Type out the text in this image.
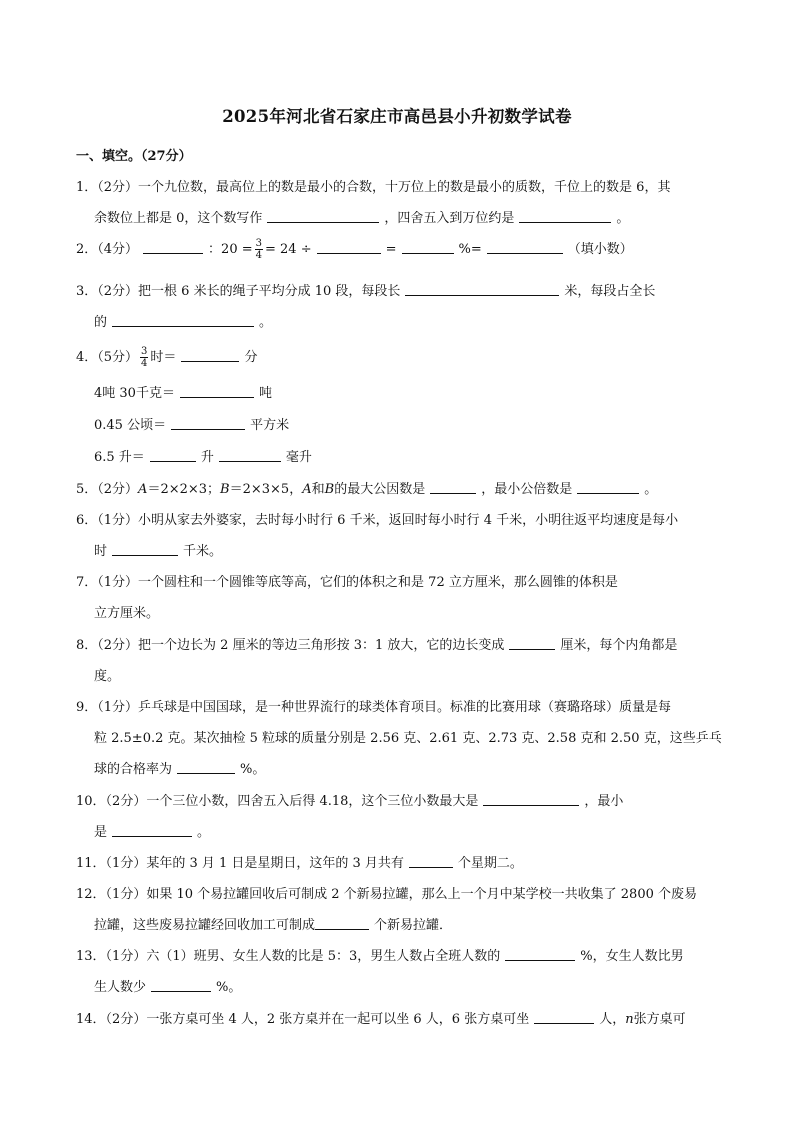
2025年河北省石家庄市高邑县小升初数学试卷
一、填空。（27分）
1．（2分）一个九位数，最高位上的数是最小的合数，十万位上的数是最小的质数，千位上的数是 6，其
余数位上都是 0，这个数写作	，四舍五入到万位约是	。
2．（4分）	：$20 = \frac{3}{4} = 24$ ÷	=	%=	（填小数）
3．（2分）把一根 6 米长的绳子平均分成 10 段，每段长	米，每段占全长
的	。
4．（5分） $\frac{3}{4}$ 时＝	分
4吨 30千克＝	吨
0.45 公顷＝	平方米
6.5 升＝	升	毫升
5．（2分）A＝2×2×3；B＝2×3×5，A和B的最大公因数是	，最小公倍数是	。
6．（1分）小明从家去外婆家，去时每小时行 6 千米，返回时每小时行 4 千米，小明往返平均速度是每小
时	千米。
7．（1分）一个圆柱和一个圆锥等底等高，它们的体积之和是 72 立方厘米，那么圆锥的体积是
立方厘米。
8．（2分）把一个边长为 2 厘米的等边三角形按 3：1 放大，它的边长变成	厘米，每个内角都是
度。
9．（1分）乒乓球是中国国球，是一种世界流行的球类体育项目。标准的比赛用球（赛璐珞球）质量是每
粒 2.5±0.2 克。某次抽检 5 粒球的质量分别是 2.56 克、2.61 克、2.73 克、2.58 克和 2.50 克，这些乒乓
球的合格率为	%。
10．（2分）一个三位小数，四舍五入后得 4.18，这个三位小数最大是	，最小
是	。
11．（1分）某年的 3 月 1 日是星期日，这年的 3 月共有	个星期二。
12．（1分）如果 10 个易拉罐回收后可制成 2 个新易拉罐，那么上一个月中某学校一共收集了 2800 个废易
拉罐，这些废易拉罐经回收加工可制成	个新易拉罐．
13．（1分）六（1）班男、女生人数的比是 5：3，男生人数占全班人数的	%，女生人数比男
生人数少	%。
14．（2分）一张方桌可坐 4 人，2 张方桌并在一起可以坐 6 人，6 张方桌可坐	人，n张方桌可
